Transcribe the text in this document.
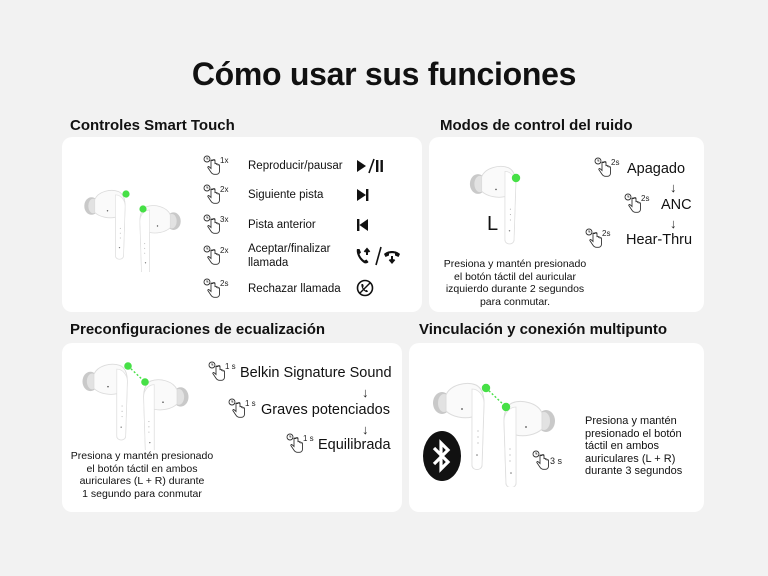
Cómo usar sus funciones
Controles Smart Touch
1x Reproducir/pausar
2x Siguiente pista
3x Pista anterior
2x Aceptar/finalizar
llamada
2s Rechazar llamada
Modos de control del ruido
L
2s Apagado
↓
2s ANC
↓
2s Hear-Thru
Presiona y mantén presionado
el botón táctil del auricular
izquierdo durante 2 segundos
para conmutar.
Preconfiguraciones de ecualización
1 s Belkin Signature Sound
↓
1 s Graves potenciados
↓
1 s Equilibrada
Presiona y mantén presionado
el botón táctil en ambos
auriculares (L + R) durante
1 segundo para conmutar
Vinculación y conexión multipunto
3 s
Presiona y mantén
presionado el botón
táctil en ambos
auriculares (L + R)
durante 3 segundos
